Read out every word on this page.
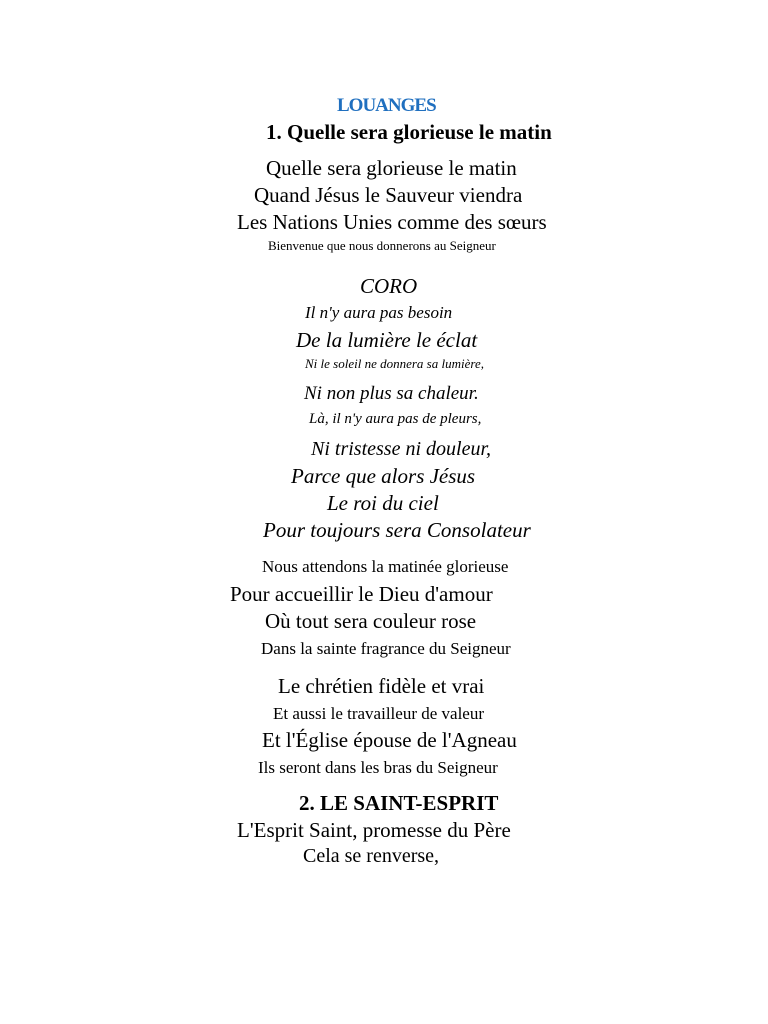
LOUANGES

1. Quelle sera glorieuse le matin

Quelle sera glorieuse le matin

Quand Jésus le Sauveur viendra

Les Nations Unies comme des sœurs

Bienvenue que nous donnerons au Seigneur

CORO

Il n'y aura pas besoin

De la lumière le éclat

Ni le soleil ne donnera sa lumière,

Ni non plus sa chaleur.

Là, il n'y aura pas de pleurs,

Ni tristesse ni douleur,

Parce que alors Jésus

Le roi du ciel

Pour toujours sera Consolateur

Nous attendons la matinée glorieuse

Pour accueillir le Dieu d'amour

Où tout sera couleur rose

Dans la sainte fragrance du Seigneur

Le chrétien fidèle et vrai

Et aussi le travailleur de valeur

Et l'Église épouse de l'Agneau

Ils seront dans les bras du Seigneur

2. LE SAINT-ESPRIT

L'Esprit Saint, promesse du Père

Cela se renverse,
